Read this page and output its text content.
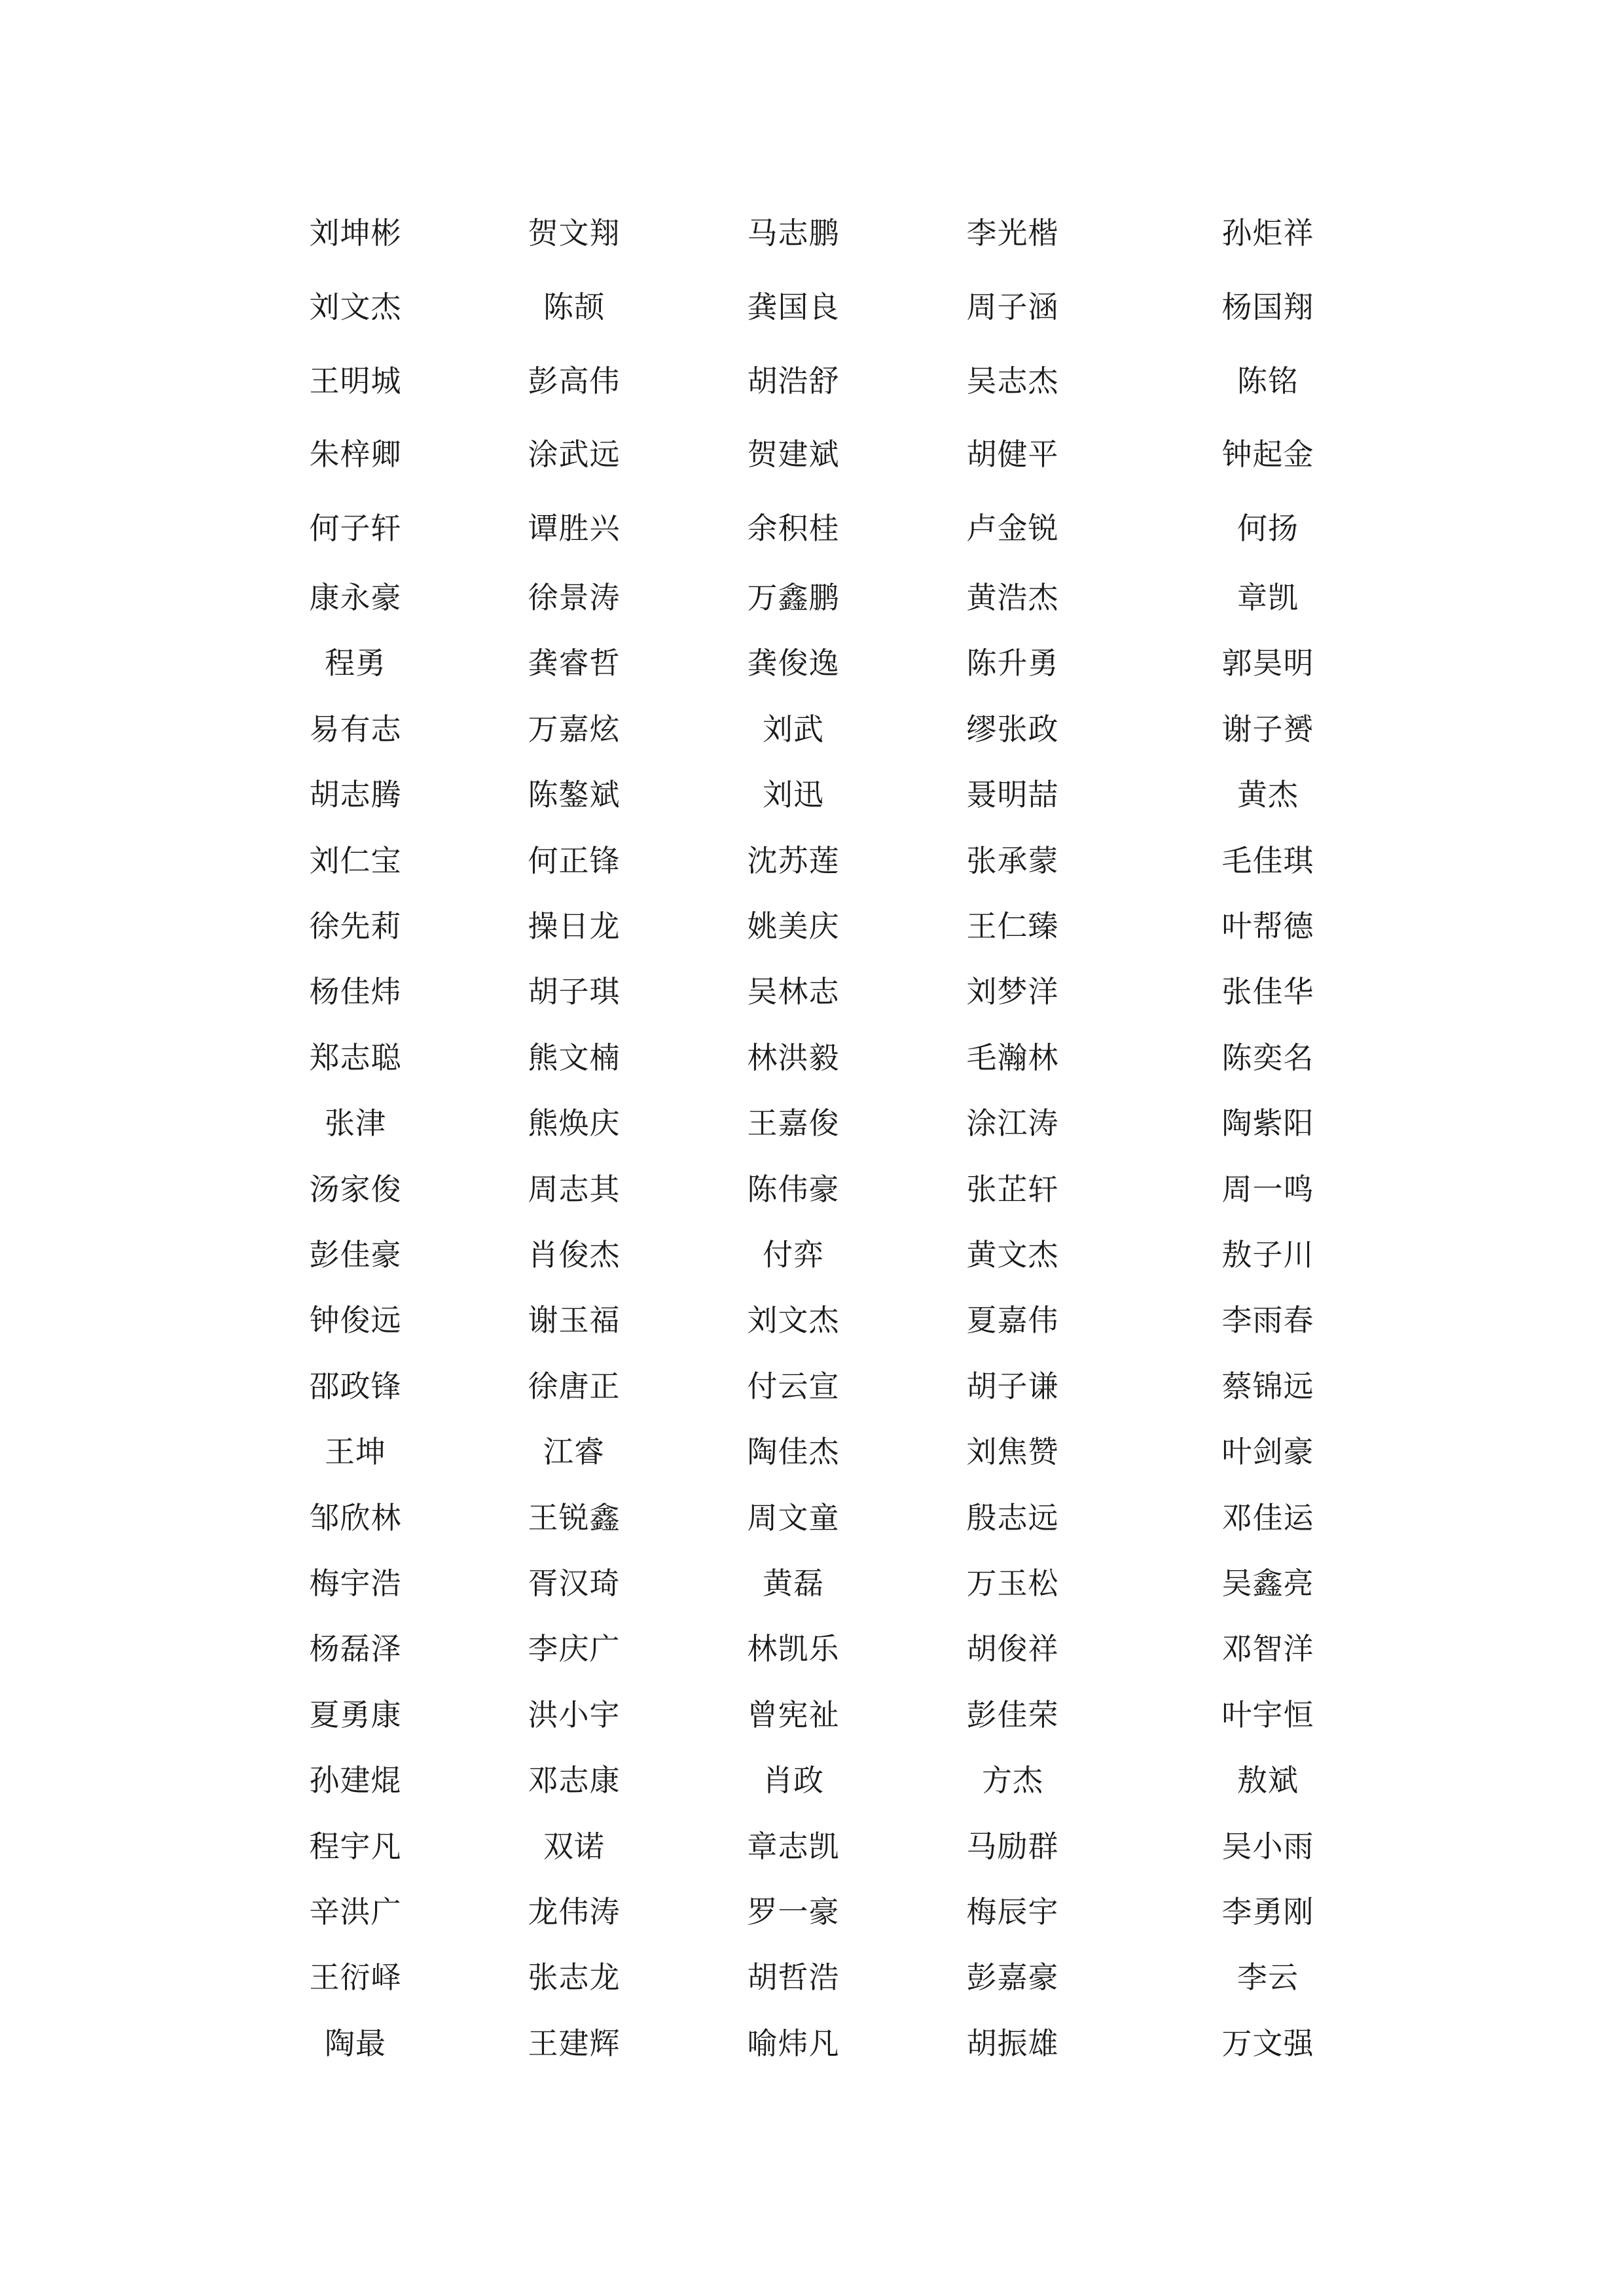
刘坤彬	贺文翔	马志鹏	李光楷	孙炬祥
刘文杰	陈颉	龚国良	周子涵	杨国翔
王明城	彭高伟	胡浩舒	吴志杰	陈铭
朱梓卿	涂武远	贺建斌	胡健平	钟起金
何子轩	谭胜兴	余积桂	卢金锐	何扬
康永豪	徐景涛	万鑫鹏	黄浩杰	章凯
程勇	龚睿哲	龚俊逸	陈升勇	郭昊明
易有志	万嘉炫	刘武	缪张政	谢子赟
胡志腾	陈鏊斌	刘迅	聂明喆	黄杰
刘仁宝	何正锋	沈苏莲	张承蒙	毛佳琪
徐先莉	操日龙	姚美庆	王仁臻	叶帮德
杨佳炜	胡子琪	吴林志	刘梦洋	张佳华
郑志聪	熊文楠	林洪毅	毛瀚林	陈奕名
张津	熊焕庆	王嘉俊	涂江涛	陶紫阳
汤家俊	周志其	陈伟豪	张芷轩	周一鸣
彭佳豪	肖俊杰	付弈	黄文杰	敖子川
钟俊远	谢玉福	刘文杰	夏嘉伟	李雨春
邵政锋	徐唐正	付云宣	胡子谦	蔡锦远
王坤	江睿	陶佳杰	刘焦赞	叶剑豪
邹欣林	王锐鑫	周文童	殷志远	邓佳运
梅宇浩	胥汉琦	黄磊	万玉松	吴鑫亮
杨磊泽	李庆广	林凯乐	胡俊祥	邓智洋
夏勇康	洪小宇	曾宪祉	彭佳荣	叶宇恒
孙建焜	邓志康	肖政	方杰	敖斌
程宇凡	双诺	章志凯	马励群	吴小雨
辛洪广	龙伟涛	罗一豪	梅辰宇	李勇刚
王衍峄	张志龙	胡哲浩	彭嘉豪	李云
陶最	王建辉	喻炜凡	胡振雄	万文强
